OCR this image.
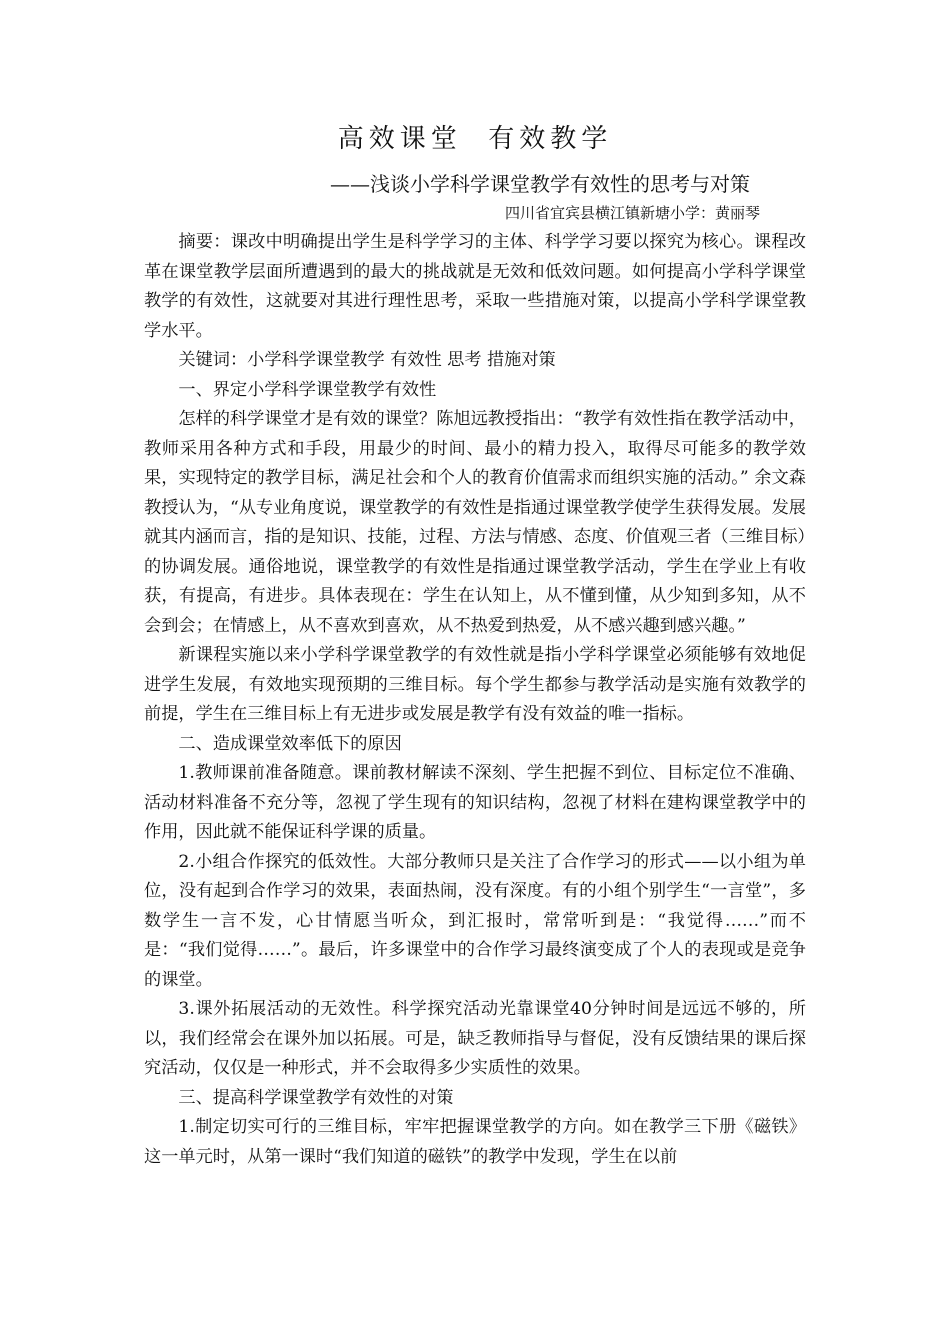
高效课堂  有效教学
——浅谈小学科学课堂教学有效性的思考与对策
四川省宜宾县横江镇新塘小学：黄丽琴

摘要：课改中明确提出学生是科学学习的主体、科学学习要以探究为核心。课程改革在课堂教学层面所遭遇到的最大的挑战就是无效和低效问题。如何提高小学科学课堂教学的有效性，这就要对其进行理性思考，采取一些措施对策，以提高小学科学课堂教学水平。

关键词：小学科学课堂教学 有效性 思考 措施对策

一、界定小学科学课堂教学有效性

怎样的科学课堂才是有效的课堂？陈旭远教授指出：“教学有效性指在教学活动中，教师采用各种方式和手段，用最少的时间、最小的精力投入，取得尽可能多的教学效果，实现特定的教学目标，满足社会和个人的教育价值需求而组织实施的活动。” 余文森教授认为，“从专业角度说，课堂教学的有效性是指通过课堂教学使学生获得发展。发展就其内涵而言，指的是知识、技能，过程、方法与情感、态度、价值观三者（三维目标）的协调发展。通俗地说，课堂教学的有效性是指通过课堂教学活动，学生在学业上有收获，有提高，有进步。具体表现在：学生在认知上，从不懂到懂，从少知到多知，从不会到会；在情感上，从不喜欢到喜欢，从不热爱到热爱，从不感兴趣到感兴趣。”

新课程实施以来小学科学课堂教学的有效性就是指小学科学课堂必须能够有效地促进学生发展，有效地实现预期的三维目标。每个学生都参与教学活动是实施有效教学的前提，学生在三维目标上有无进步或发展是教学有没有效益的唯一指标。

二、造成课堂效率低下的原因

1.教师课前准备随意。课前教材解读不深刻、学生把握不到位、目标定位不准确、活动材料准备不充分等，忽视了学生现有的知识结构，忽视了材料在建构课堂教学中的作用，因此就不能保证科学课的质量。

2.小组合作探究的低效性。大部分教师只是关注了合作学习的形式——以小组为单位，没有起到合作学习的效果，表面热闹，没有深度。有的小组个别学生“一言堂”，多数学生一言不发，心甘情愿当听众，到汇报时，常常听到是：“我觉得……”而不是：“我们觉得……”。最后，许多课堂中的合作学习最终演变成了个人的表现或是竞争的课堂。

3.课外拓展活动的无效性。科学探究活动光靠课堂40分钟时间是远远不够的，所以，我们经常会在课外加以拓展。可是，缺乏教师指导与督促，没有反馈结果的课后探究活动，仅仅是一种形式，并不会取得多少实质性的效果。

三、提高科学课堂教学有效性的对策

1.制定切实可行的三维目标，牢牢把握课堂教学的方向。如在教学三下册《磁铁》这一单元时，从第一课时“我们知道的磁铁”的教学中发现，学生在以前
